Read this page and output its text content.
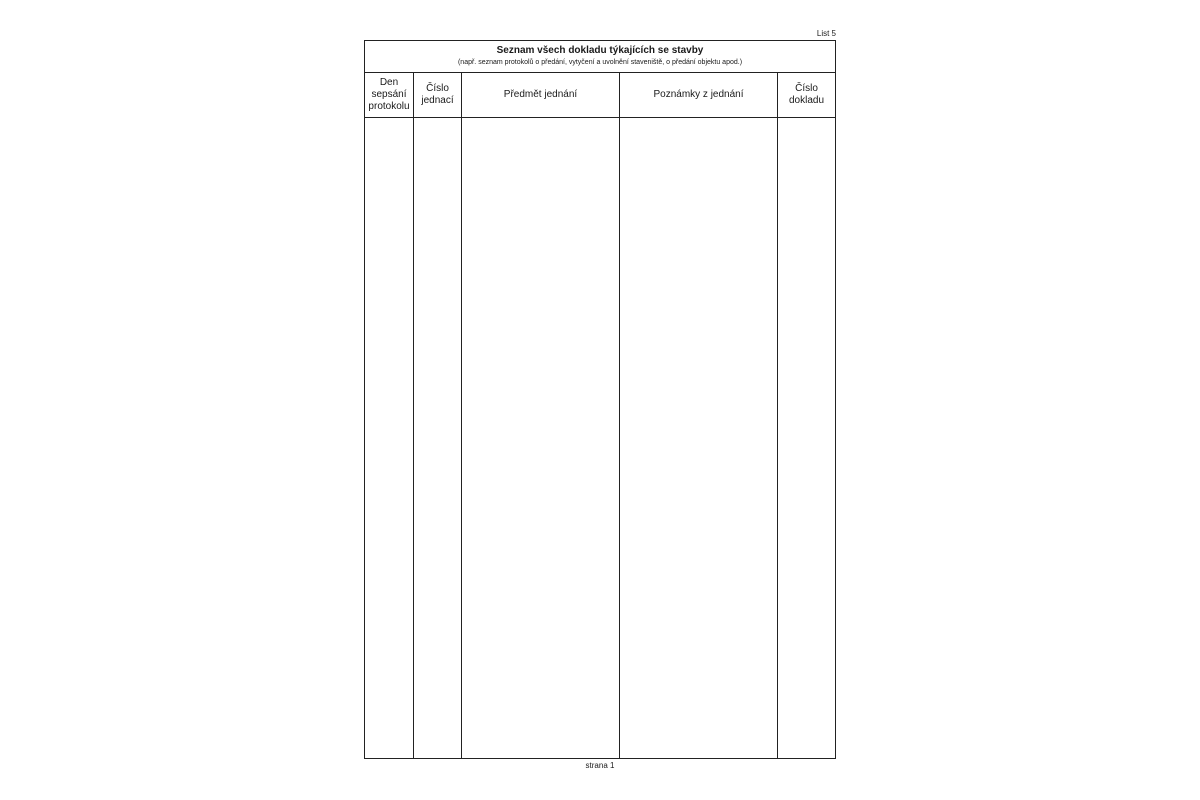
List 5
Seznam všech dokladu týkajících se stavby
(např. seznam protokolů o předání, vytyčení a uvolnění staveniště, o předání objektu apod.)
Den
sepsání
protokolu
Číslo
jednací
Předmět jednání	Poznámky z jednání
Číslo
dokladu
strana 1
